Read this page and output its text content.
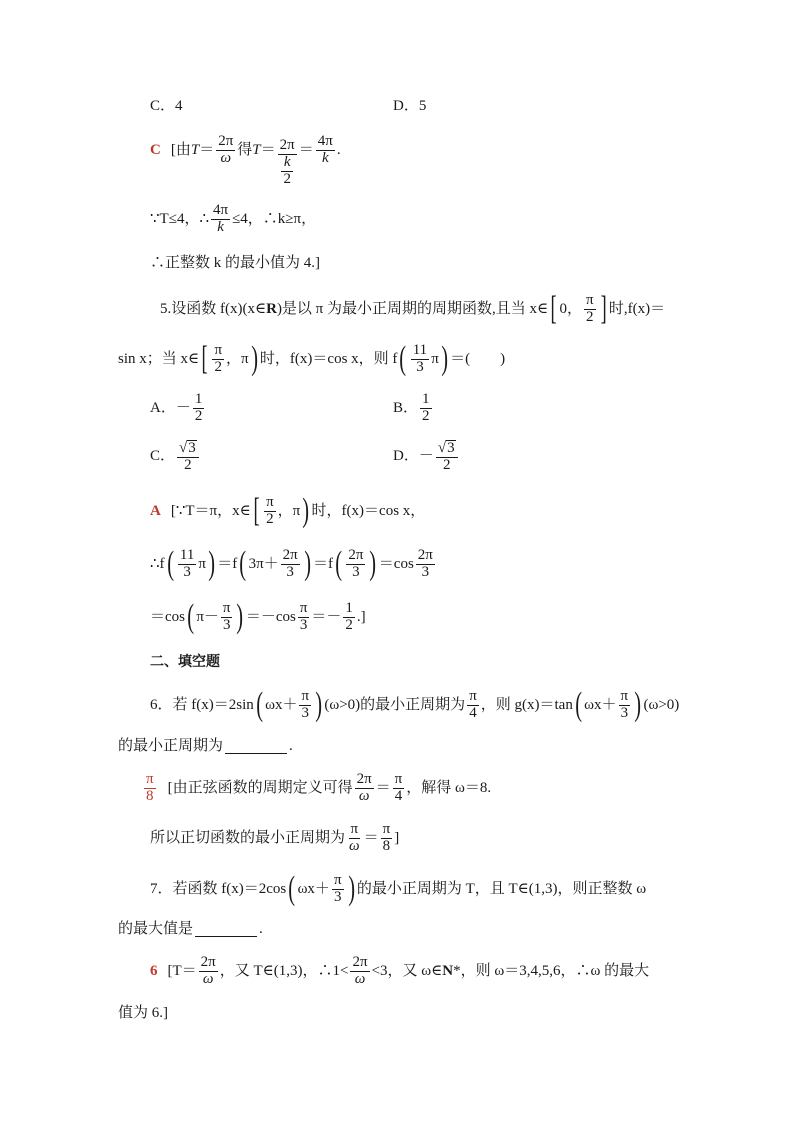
C．4	D．5
C [由 $T = \frac{2\pi}{\omega}$ 得 $T = \frac{2\pi}{\frac{k}{2}} = \frac{4\pi}{k}$ .
∵T≤4，∴ $\frac{4\pi}{k} \le 4$，∴k≥π，
∴正整数 k 的最小值为 4.]
5.设函数 f(x)(x∈ R )是以 π 为最小正周期的周期函数,且当 x∈ [ 0， $\frac{\pi}{2}$ ] 时,f(x)＝
sin x；当 x∈ [ $\frac{\pi}{2}$ ，π ) 时，f(x)＝cos x，则 f ( $\frac{11}{3}$ π ) ＝(　　)
A．－ $\frac{1}{2}$	B． $\frac{1}{2}$
C． $\frac{√ 3}{2}$	D．－ $\frac{√ 3}{2}$
A [∵T＝π，x∈ [ $\frac{\pi}{2}$ ，π ) 时，f(x)＝cos x，
∴f ( $\frac{11}{3}$ π ) ＝f ( $3\pi+ \frac{2\pi}{3}$ ) ＝f ( $\frac{2\pi}{3}$ ) $=\cos \frac{2\pi}{3}$
＝cos ( $\pi- \frac{\pi}{3}$ ) $=-\cos \frac{\pi}{3} =- \frac{1}{2}$ .]
二、填空题
6．若 f(x)＝2sin ( $\omega x+ \frac{\pi}{3}$ ) (ω>0)的最小正周期为 $\frac{\pi}{4}$ ，则 g(x)＝tan ( $\omega x+ \frac{\pi}{3}$ ) (ω>0)
的最小正周期为	.
$\frac{\pi}{8}$ [由正弦函数的周期定义可得 $\frac{2\pi}{\omega} = \frac{\pi}{4}$ ，解得 ω＝8.
所以正切函数的最小正周期为 $\frac{\pi}{\omega} = \frac{\pi}{8}$ ]
7．若函数 f(x)＝2cos ( $\omega x+ \frac{\pi}{3}$ ) 的最小正周期为 T，且 T∈(1,3)，则正整数 ω
的最大值是	.
6 [$T= \frac{2\pi}{\omega}$ ，又 T∈(1,3)，∴1< $\frac{2\pi}{\omega} <3$，又 ω∈ N *，则 ω＝3,4,5,6，∴ω 的最大
值为 6.]
